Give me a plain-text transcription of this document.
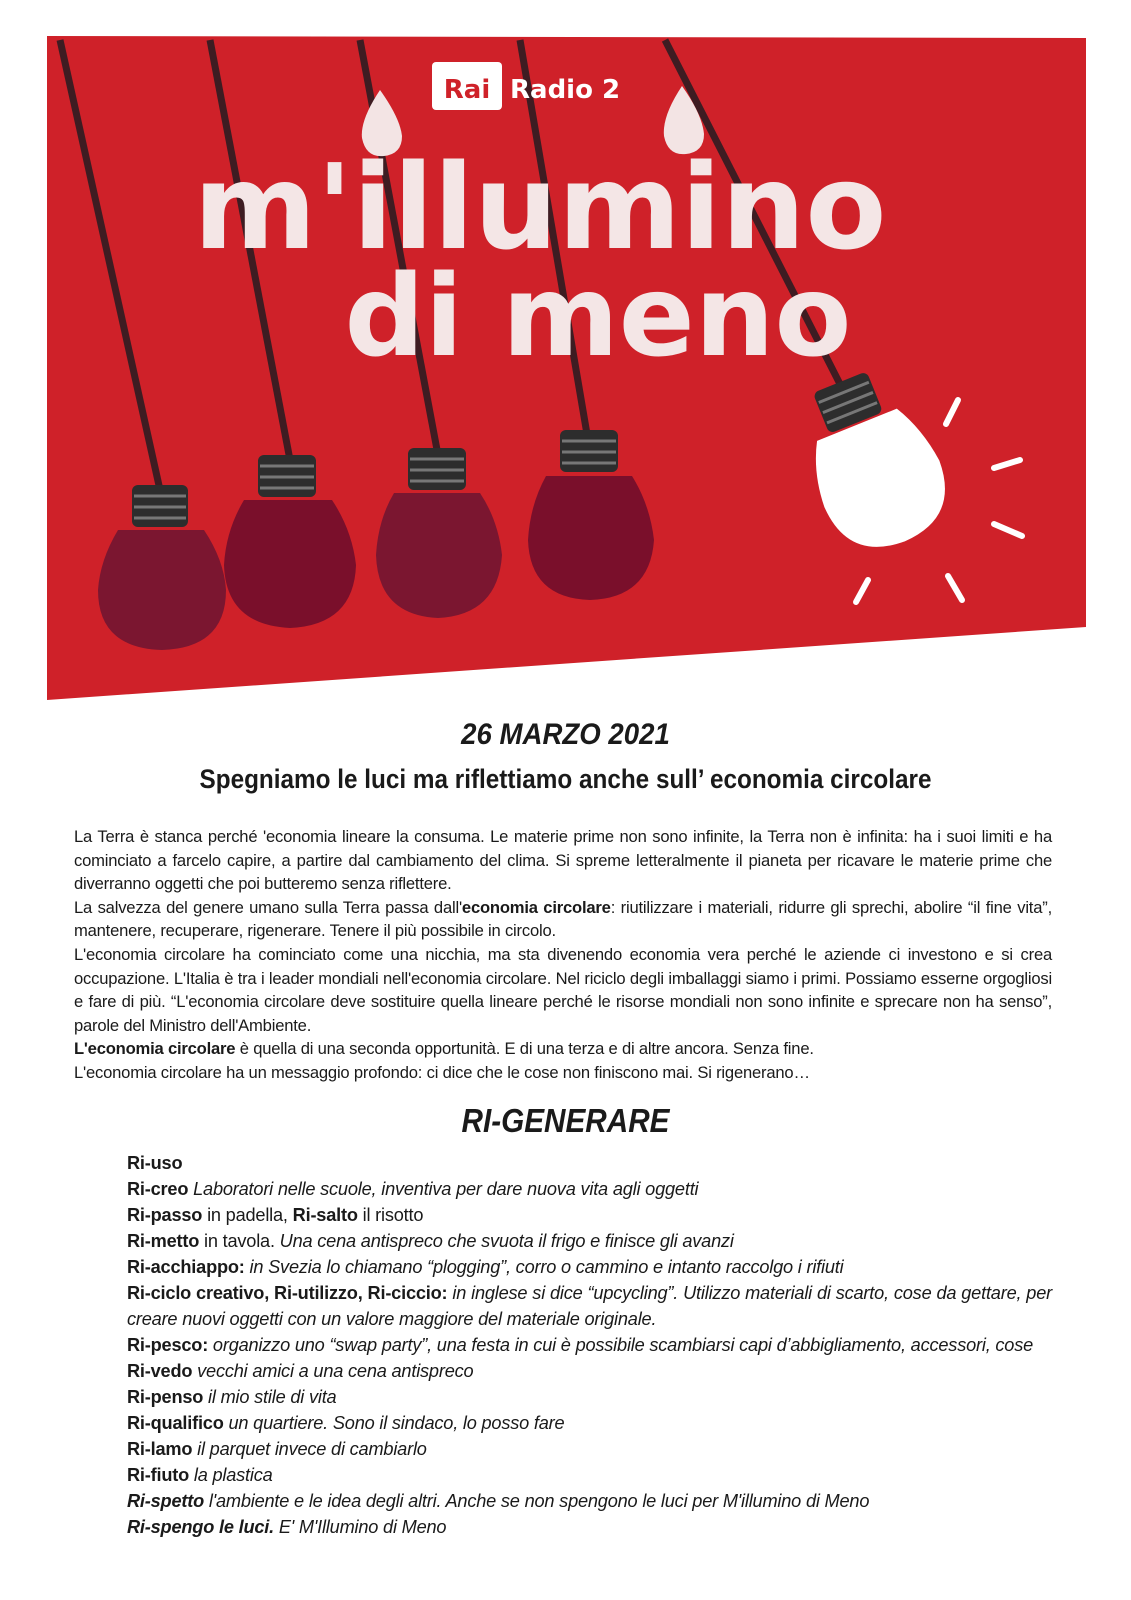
Rai Radio 2
m'illumino
di meno
26 MARZO 2021
Spegniamo le luci ma riflettiamo anche sull’ economia circolare

La Terra è stanca perché 'economia lineare la consuma. Le materie prime non sono infinite, la Terra non è infinita: ha i suoi limiti e ha cominciato a farcelo capire, a partire dal cambiamento del clima. Si spreme letteralmente il pianeta per ricavare le materie prime che diverranno oggetti che poi butteremo senza riflettere.

La salvezza del genere umano sulla Terra passa dall'economia circolare: riutilizzare i materiali, ridurre gli sprechi, abolire “il fine vita”, mantenere, recuperare, rigenerare. Tenere il più possibile in circolo.

L'economia circolare ha cominciato come una nicchia, ma sta divenendo economia vera perché le aziende ci investono e si crea occupazione. L'Italia è tra i leader mondiali nell'economia circolare. Nel riciclo degli imballaggi siamo i primi. Possiamo esserne orgogliosi e fare di più. “L'economia circolare deve sostituire quella lineare perché le risorse mondiali non sono infinite e sprecare non ha senso”, parole del Ministro dell'Ambiente.

L'economia circolare è quella di una seconda opportunità. E di una terza e di altre ancora. Senza fine.

L'economia circolare ha un messaggio profondo: ci dice che le cose non finiscono mai. Si rigenerano…

RI-GENERARE

Ri-uso

Ri-creo Laboratori nelle scuole, inventiva per dare nuova vita agli oggetti

Ri-passo in padella, Ri-salto il risotto

Ri-metto in tavola. Una cena antispreco che svuota il frigo e finisce gli avanzi

Ri-acchiappo: in Svezia lo chiamano “plogging”, corro o cammino e intanto raccolgo i rifiuti

Ri-ciclo creativo, Ri-utilizzo, Ri-ciccio: in inglese si dice “upcycling”. Utilizzo materiali di scarto, cose da gettare, per creare nuovi oggetti con un valore maggiore del materiale originale.

Ri-pesco: organizzo uno “swap party”, una festa in cui è possibile scambiarsi capi d’abbigliamento, accessori, cose

Ri-vedo vecchi amici a una cena antispreco

Ri-penso il mio stile di vita

Ri-qualifico un quartiere. Sono il sindaco, lo posso fare

Ri-lamo il parquet invece di cambiarlo

Ri-fiuto la plastica

Ri-spetto l'ambiente e le idea degli altri. Anche se non spengono le luci per M'illumino di Meno

Ri-spengo le luci. E' M'Illumino di Meno
